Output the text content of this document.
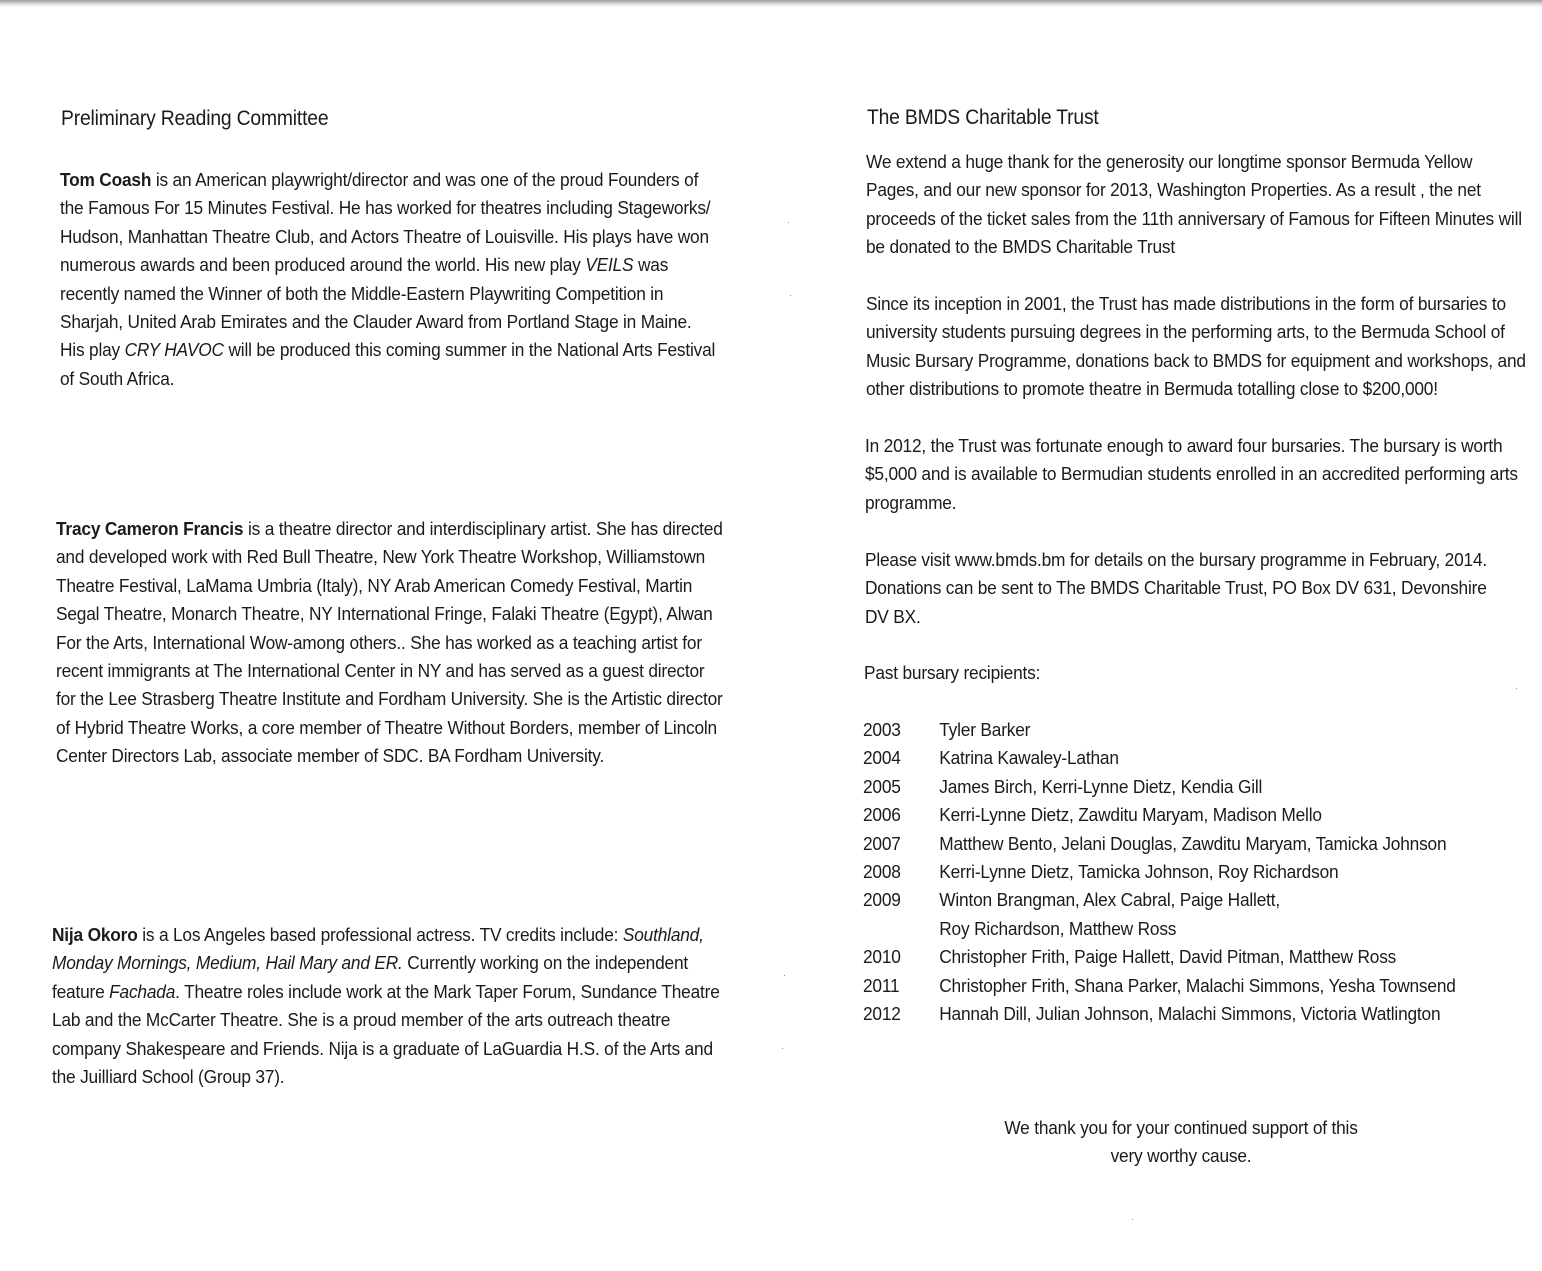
Preliminary Reading Committee

Tom Coash is an American playwright/director and was one of the proud Founders of the Famous For 15 Minutes Festival. He has worked for theatres including Stageworks/ Hudson, Manhattan Theatre Club, and Actors Theatre of Louisville. His plays have won numerous awards and been produced around the world. His new play VEILS was recently named the Winner of both the Middle-Eastern Playwriting Competition in Sharjah, United Arab Emirates and the Clauder Award from Portland Stage in Maine. His play CRY HAVOC will be produced this coming summer in the National Arts Festival of South Africa.

Tracy Cameron Francis is a theatre director and interdisciplinary artist. She has directed and developed work with Red Bull Theatre, New York Theatre Workshop, Williamstown Theatre Festival, LaMama Umbria (Italy), NY Arab American Comedy Festival, Martin Segal Theatre, Monarch Theatre, NY International Fringe, Falaki Theatre (Egypt), Alwan For the Arts, International Wow-among others.. She has worked as a teaching artist for recent immigrants at The International Center in NY and has served as a guest director for the Lee Strasberg Theatre Institute and Fordham University. She is the Artistic director of Hybrid Theatre Works, a core member of Theatre Without Borders, member of Lincoln Center Directors Lab, associate member of SDC. BA Fordham University.

Nija Okoro is a Los Angeles based professional actress. TV credits include: Southland, Monday Mornings, Medium, Hail Mary and ER. Currently working on the independent feature Fachada. Theatre roles include work at the Mark Taper Forum, Sundance Theatre Lab and the McCarter Theatre. She is a proud member of the arts outreach theatre company Shakespeare and Friends. Nija is a graduate of LaGuardia H.S. of the Arts and the Juilliard School (Group 37).

The BMDS Charitable Trust

We extend a huge thank for the generosity our longtime sponsor Bermuda Yellow Pages, and our new sponsor for 2013, Washington Properties. As a result , the net proceeds of the ticket sales from the 11th anniversary of Famous for Fifteen Minutes will be donated to the BMDS Charitable Trust

Since its inception in 2001, the Trust has made distributions in the form of bursaries to university students pursuing degrees in the performing arts, to the Bermuda School of Music Bursary Programme, donations back to BMDS for equipment and workshops, and other distributions to promote theatre in Bermuda totalling close to $200,000!

In 2012, the Trust was fortunate enough to award four bursaries. The bursary is worth $5,000 and is available to Bermudian students enrolled in an accredited performing arts programme.

Please visit www.bmds.bm for details on the bursary programme in February, 2014. Donations can be sent to The BMDS Charitable Trust, PO Box DV 631, Devonshire DV BX.

Past bursary recipients:

2003	Tyler Barker
2004	Katrina Kawaley-Lathan
2005	James Birch, Kerri-Lynne Dietz, Kendia Gill
2006	Kerri-Lynne Dietz, Zawditu Maryam, Madison Mello
2007	Matthew Bento, Jelani Douglas, Zawditu Maryam, Tamicka Johnson
2008	Kerri-Lynne Dietz, Tamicka Johnson, Roy Richardson
2009	Winton Brangman, Alex Cabral, Paige Hallett,
Roy Richardson, Matthew Ross
2010	Christopher Frith, Paige Hallett, David Pitman, Matthew Ross
2011	Christopher Frith, Shana Parker, Malachi Simmons, Yesha Townsend
2012	Hannah Dill, Julian Johnson, Malachi Simmons, Victoria Watlington

We thank you for your continued support of this
very worthy cause.

·
·
·
·
·
·
